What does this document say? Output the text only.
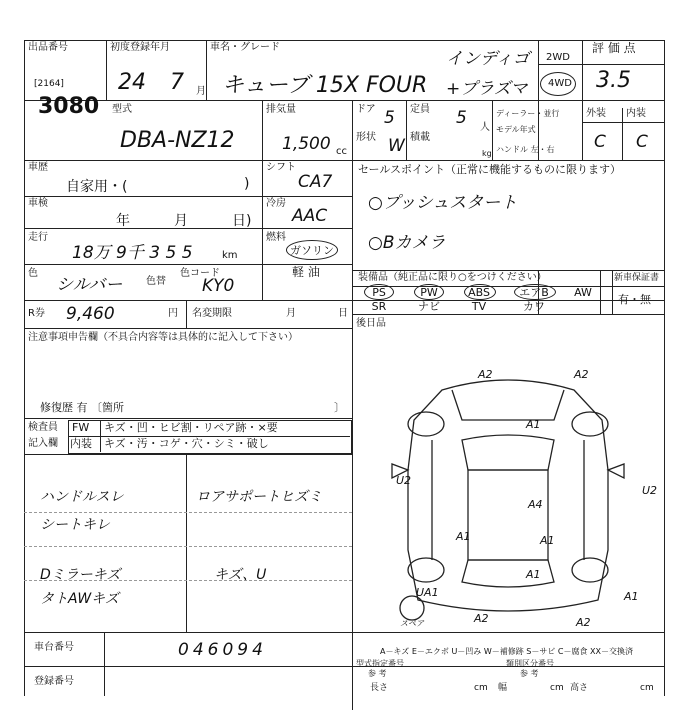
出品番号
[2164]
3080
初度登録年月
24 7 月
車名・グレード
キューブ 15X FOUR
インディゴ
+プラズマ
2WD
4WD
評 価 点
3.5
型式
DBA-NZ12
排気量
1,500 cc
ドア 5 定員 5 人
形状 W 積載
kg
ディーラー・並行
モデル年式
ハンドル 左・右
外装 内装
C C
車歴
自家用・(	)
シフト
CA7
車検
年	月	日)
冷房
AAC
走行
18万 9千 3 5 5	km
燃料
ガソリン
軽 油
色
シルバー 色替
色コード
KY0
R券 9,460	円 名変期限	月	日
注意事項申告欄（不具合内容等は具体的に記入して下さい）
修復歴 有 〔箇所	〕
検査員
記入欄
FW キズ・凹・ヒビ割・リペア跡・×要
内装 キズ・汚・コゲ・穴・シミ・破し
ハンドルスレ
シートキレ
ロアサポートヒズミ
Dミラーキズ	キズ、U
タトAWキズ
セールスポイント（正常に機能するものに限ります）
○プッシュスタート
○Bカメラ
装備品（純正品に限り○をつけください）	新車保証書
有・無
PS	PW	ABS	エアB	AW
SR	ナビ	TV	カワ
後日品
A2	A2
A1
A4
A1	A1
A1
U2
U2
A2	A2
UA1	A1
スペア
A－キズ E－エクボ U－凹み W－補修跡 S－サビ C－腐食 XX－交換済
車台番号	046094
登録番号
型式指定番号
参 考
類別区分番号
参 考
長さ	cm 幅	cm 高さ	cm
